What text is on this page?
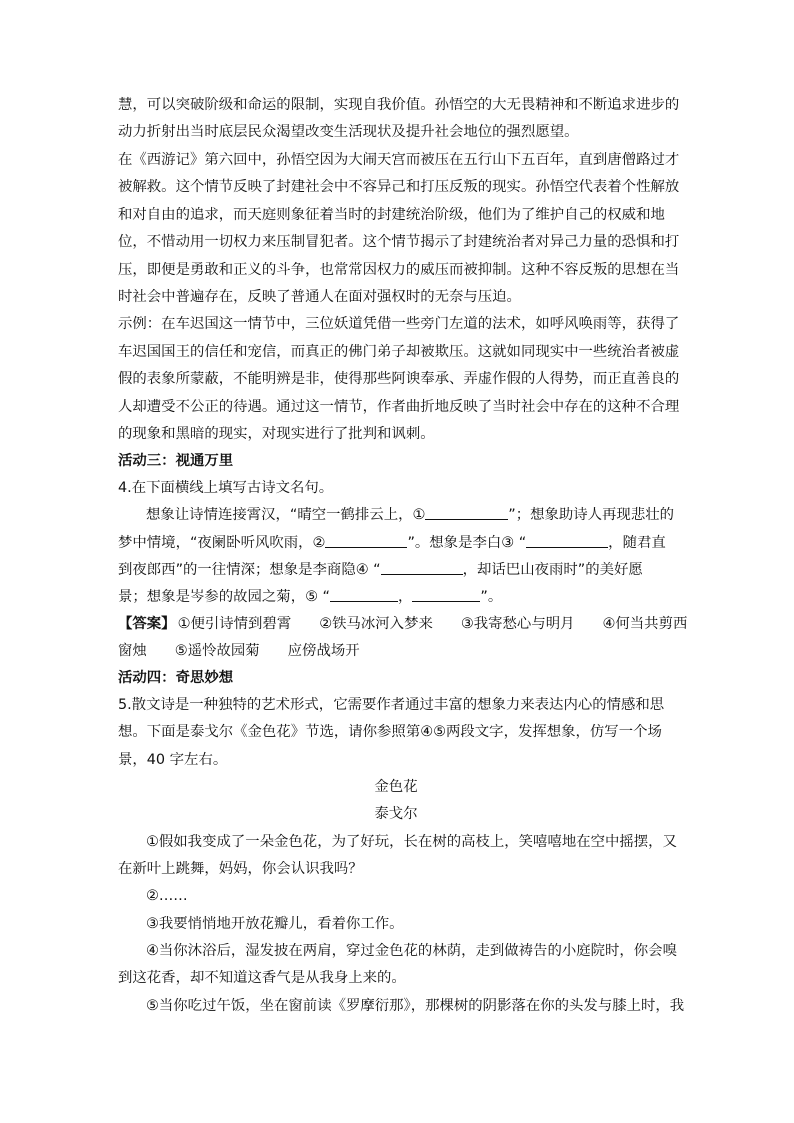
慧，可以突破阶级和命运的限制，实现自我价值。孙悟空的大无畏精神和不断追求进步的
动力折射出当时底层民众渴望改变生活现状及提升社会地位的强烈愿望。
在《西游记》第六回中，孙悟空因为大闹天宫而被压在五行山下五百年，直到唐僧路过才
被解救。这个情节反映了封建社会中不容异己和打压反叛的现实。孙悟空代表着个性解放
和对自由的追求，而天庭则象征着当时的封建统治阶级，他们为了维护自己的权威和地
位，不惜动用一切权力来压制冒犯者。这个情节揭示了封建统治者对异己力量的恐惧和打
压，即便是勇敢和正义的斗争，也常常因权力的威压而被抑制。这种不容反叛的思想在当
时社会中普遍存在，反映了普通人在面对强权时的无奈与压迫。
示例：在车迟国这一情节中，三位妖道凭借一些旁门左道的法术，如呼风唤雨等，获得了
车迟国国王的信任和宠信，而真正的佛门弟子却被欺压。这就如同现实中一些统治者被虚
假的表象所蒙蔽，不能明辨是非，使得那些阿谀奉承、弄虚作假的人得势，而正直善良的
人却遭受不公正的待遇。通过这一情节，作者曲折地反映了当时社会中存在的这种不合理
的现象和黑暗的现实，对现实进行了批判和讽刺。
活动三：视通万里
4.在下面横线上填写古诗文名句。
想象让诗情连接霄汉，“晴空一鹤排云上，①	”；想象助诗人再现悲壮的
梦中情境，“夜阑卧听风吹雨，②	”。想象是李白③ “	，随君直
到夜郎西”的一往情深；想象是李商隐④ “	，却话巴山夜雨时”的美好愿
景；想象是岑参的故园之菊，⑤ “	，	”。
【答案】 ①便引诗情到碧霄 ②铁马冰河入梦来 ③我寄愁心与明月 ④何当共剪西
窗烛 ⑤遥怜故园菊 应傍战场开
活动四：奇思妙想
5.散文诗是一种独特的艺术形式，它需要作者通过丰富的想象力来表达内心的情感和思
想。下面是泰戈尔《金色花》节选，请你参照第④⑤两段文字，发挥想象，仿写一个场
景，40 字左右。
金色花
泰戈尔
①假如我变成了一朵金色花，为了好玩，长在树的高枝上，笑嘻嘻地在空中摇摆，又
在新叶上跳舞，妈妈，你会认识我吗？
②……
③我要悄悄地开放花瓣儿，看着你工作。
④当你沐浴后，湿发披在两肩，穿过金色花的林荫，走到做祷告的小庭院时，你会嗅
到这花香，却不知道这香气是从我身上来的。
⑤当你吃过午饭，坐在窗前读《罗摩衍那》，那棵树的阴影落在你的头发与膝上时，我
